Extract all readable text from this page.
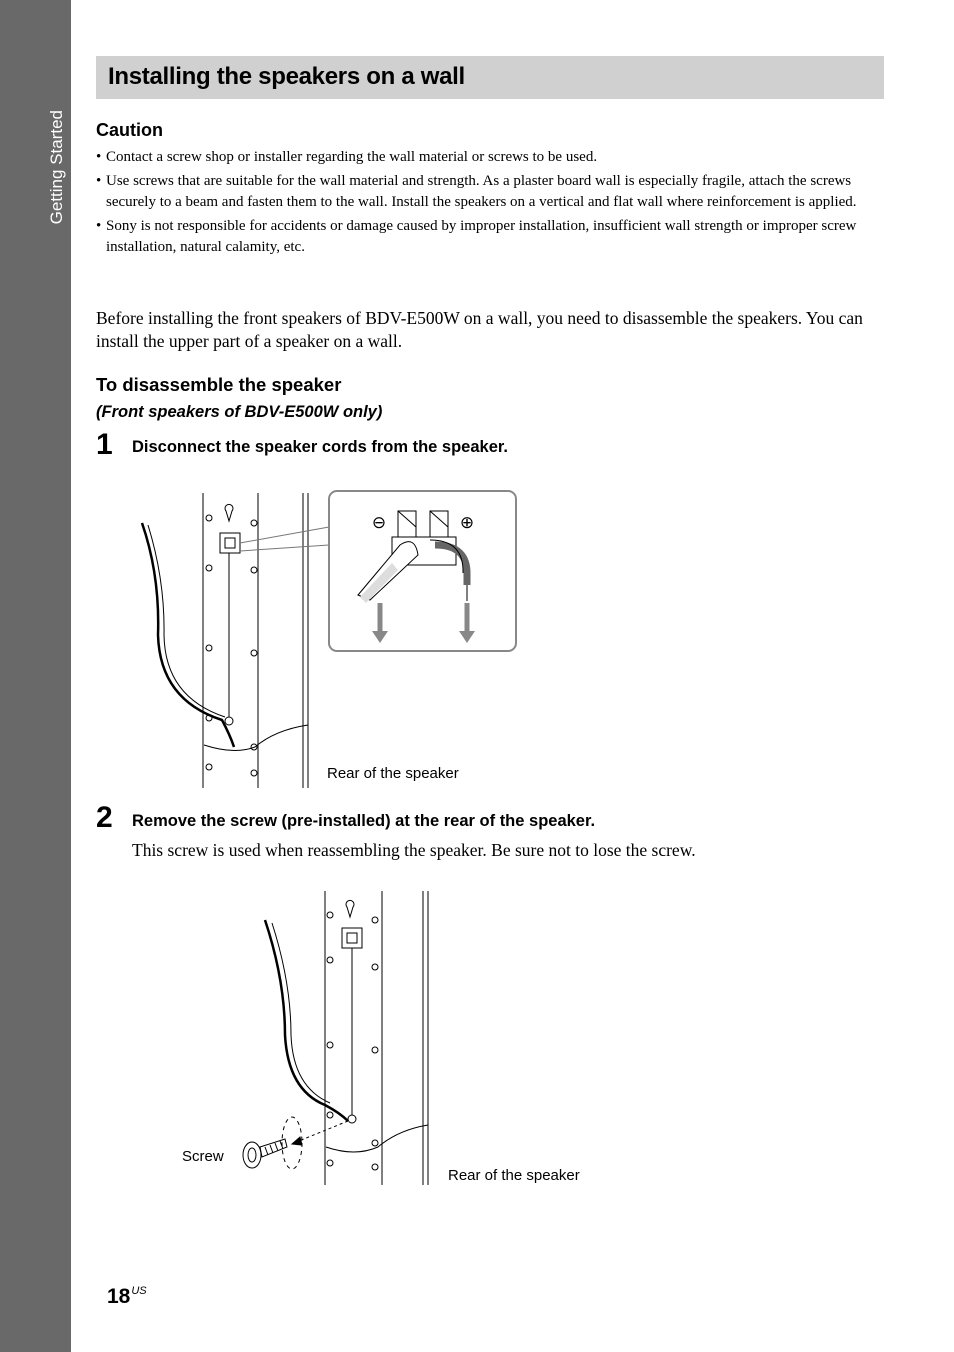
Getting Started
Installing the speakers on a wall
Caution
• Contact a screw shop or installer regarding the wall material or screws to be used.
• Use screws that are suitable for the wall material and strength. As a plaster board wall is especially fragile, attach the screws securely to a beam and fasten them to the wall. Install the speakers on a vertical and flat wall where reinforcement is applied.
• Sony is not responsible for accidents or damage caused by improper installation, insufficient wall strength or improper screw installation, natural calamity, etc.
Before installing the front speakers of BDV-E500W on a wall, you need to disassemble the speakers. You can install the upper part of a speaker on a wall.
To disassemble the speaker
(Front speakers of BDV-E500W only)
1 Disconnect the speaker cords from the speaker.
⊖	⊕
Rear of the speaker
2 Remove the screw (pre-installed) at the rear of the speaker.
This screw is used when reassembling the speaker. Be sure not to lose the screw.
Screw
Rear of the speaker
$18^{US}$
